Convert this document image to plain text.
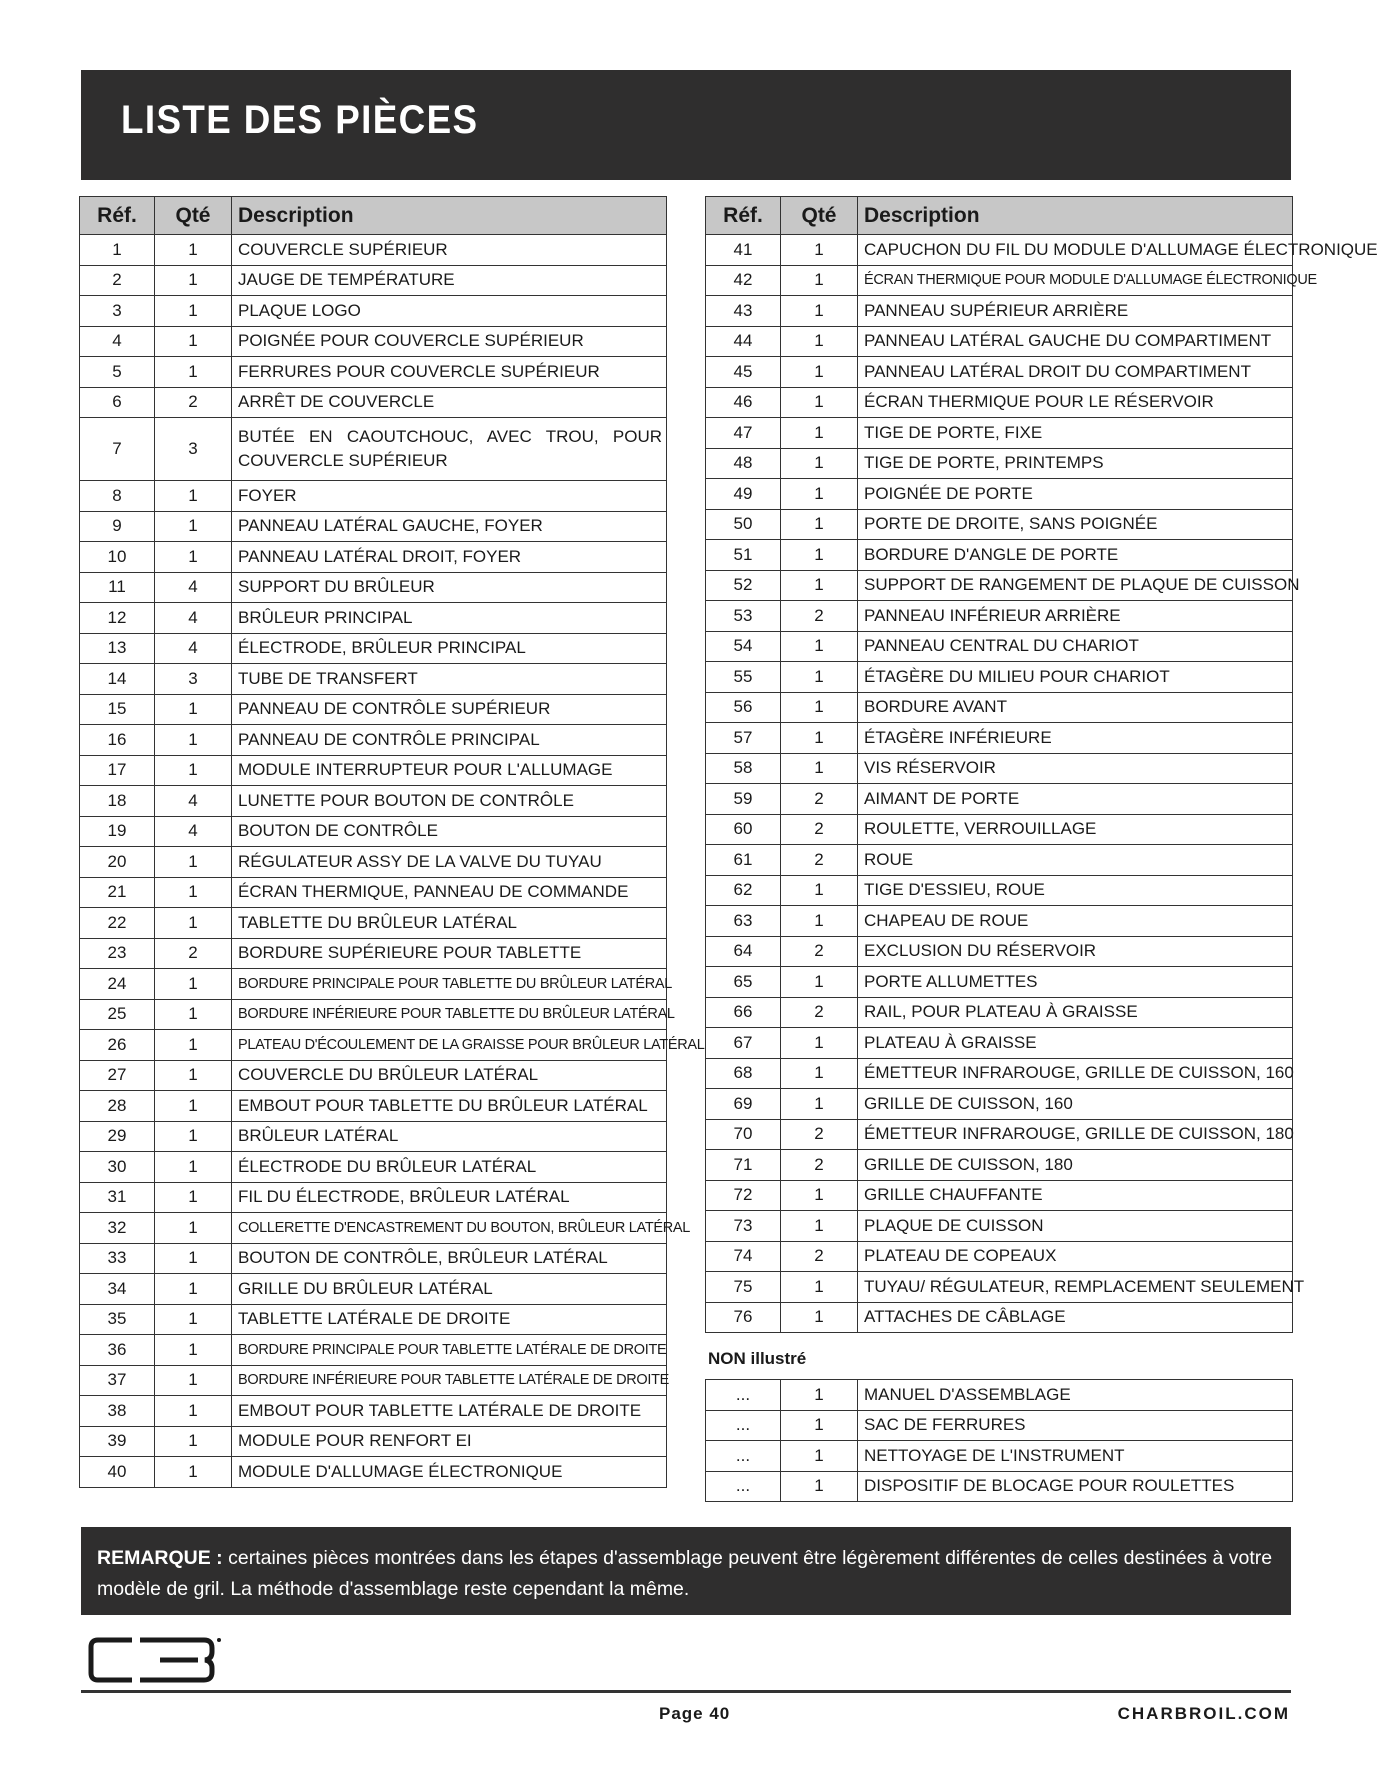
LISTE DES PIÈCES
Réf.	Qté	Description
1	1	COUVERCLE SUPÉRIEUR
2	1	JAUGE DE TEMPÉRATURE
3	1	PLAQUE LOGO
4	1	POIGNÉE POUR COUVERCLE SUPÉRIEUR
5	1	FERRURES POUR COUVERCLE SUPÉRIEUR
6	2	ARRÊT DE COUVERCLE
7	3	BUTÉE EN CAOUTCHOUC, AVEC TROU, POUR COUVERCLE SUPÉRIEUR
8	1	FOYER
9	1	PANNEAU LATÉRAL GAUCHE, FOYER
10	1	PANNEAU LATÉRAL DROIT, FOYER
11	4	SUPPORT DU BRÛLEUR
12	4	BRÛLEUR PRINCIPAL
13	4	ÉLECTRODE, BRÛLEUR PRINCIPAL
14	3	TUBE DE TRANSFERT
15	1	PANNEAU DE CONTRÔLE SUPÉRIEUR
16	1	PANNEAU DE CONTRÔLE PRINCIPAL
17	1	MODULE INTERRUPTEUR POUR L'ALLUMAGE
18	4	LUNETTE POUR BOUTON DE CONTRÔLE
19	4	BOUTON DE CONTRÔLE
20	1	RÉGULATEUR ASSY DE LA VALVE DU TUYAU
21	1	ÉCRAN THERMIQUE, PANNEAU DE COMMANDE
22	1	TABLETTE DU BRÛLEUR LATÉRAL
23	2	BORDURE SUPÉRIEURE POUR TABLETTE
24	1	BORDURE PRINCIPALE POUR TABLETTE DU BRÛLEUR LATÉRAL
25	1	BORDURE INFÉRIEURE POUR TABLETTE DU BRÛLEUR LATÉRAL
26	1	PLATEAU D'ÉCOULEMENT DE LA GRAISSE POUR BRÛLEUR LATÉRAL
27	1	COUVERCLE DU BRÛLEUR LATÉRAL
28	1	EMBOUT POUR TABLETTE DU BRÛLEUR LATÉRAL
29	1	BRÛLEUR LATÉRAL
30	1	ÉLECTRODE DU BRÛLEUR LATÉRAL
31	1	FIL DU ÉLECTRODE, BRÛLEUR LATÉRAL
32	1	COLLERETTE D'ENCASTREMENT DU BOUTON, BRÛLEUR LATÉRAL
33	1	BOUTON DE CONTRÔLE, BRÛLEUR LATÉRAL
34	1	GRILLE DU BRÛLEUR LATÉRAL
35	1	TABLETTE LATÉRALE DE DROITE
36	1	BORDURE PRINCIPALE POUR TABLETTE LATÉRALE DE DROITE
37	1	BORDURE INFÉRIEURE POUR TABLETTE LATÉRALE DE DROITE
38	1	EMBOUT POUR TABLETTE LATÉRALE DE DROITE
39	1	MODULE POUR RENFORT EI
40	1	MODULE D'ALLUMAGE ÉLECTRONIQUE
Réf.	Qté	Description
41	1	CAPUCHON DU FIL DU MODULE D'ALLUMAGE ÉLECTRONIQUE
42	1	ÉCRAN THERMIQUE POUR MODULE D'ALLUMAGE ÉLECTRONIQUE
43	1	PANNEAU SUPÉRIEUR ARRIÈRE
44	1	PANNEAU LATÉRAL GAUCHE DU COMPARTIMENT
45	1	PANNEAU LATÉRAL DROIT DU COMPARTIMENT
46	1	ÉCRAN THERMIQUE POUR LE RÉSERVOIR
47	1	TIGE DE PORTE, FIXE
48	1	TIGE DE PORTE, PRINTEMPS
49	1	POIGNÉE DE PORTE
50	1	PORTE DE DROITE, SANS POIGNÉE
51	1	BORDURE D'ANGLE DE PORTE
52	1	SUPPORT DE RANGEMENT DE PLAQUE DE CUISSON
53	2	PANNEAU INFÉRIEUR ARRIÈRE
54	1	PANNEAU CENTRAL DU CHARIOT
55	1	ÉTAGÈRE DU MILIEU POUR CHARIOT
56	1	BORDURE AVANT
57	1	ÉTAGÈRE INFÉRIEURE
58	1	VIS RÉSERVOIR
59	2	AIMANT DE PORTE
60	2	ROULETTE, VERROUILLAGE
61	2	ROUE
62	1	TIGE D'ESSIEU, ROUE
63	1	CHAPEAU DE ROUE
64	2	EXCLUSION DU RÉSERVOIR
65	1	PORTE ALLUMETTES
66	2	RAIL, POUR PLATEAU À GRAISSE
67	1	PLATEAU À GRAISSE
68	1	ÉMETTEUR INFRAROUGE, GRILLE DE CUISSON, 160
69	1	GRILLE DE CUISSON, 160
70	2	ÉMETTEUR INFRAROUGE, GRILLE DE CUISSON, 180
71	2	GRILLE DE CUISSON, 180
72	1	GRILLE CHAUFFANTE
73	1	PLAQUE DE CUISSON
74	2	PLATEAU DE COPEAUX
75	1	TUYAU/ RÉGULATEUR, REMPLACEMENT SEULEMENT
76	1	ATTACHES DE CÂBLAGE
NON illustré
...	1	MANUEL D'ASSEMBLAGE
...	1	SAC DE FERRURES
...	1	NETTOYAGE DE L'INSTRUMENT
...	1	DISPOSITIF DE BLOCAGE POUR ROULETTES
REMARQUE : certaines pièces montrées dans les étapes d'assemblage peuvent être légèrement différentes de celles destinées à votre modèle de gril. La méthode d'assemblage reste cependant la même.
Page 40	CHARBROIL.COM
